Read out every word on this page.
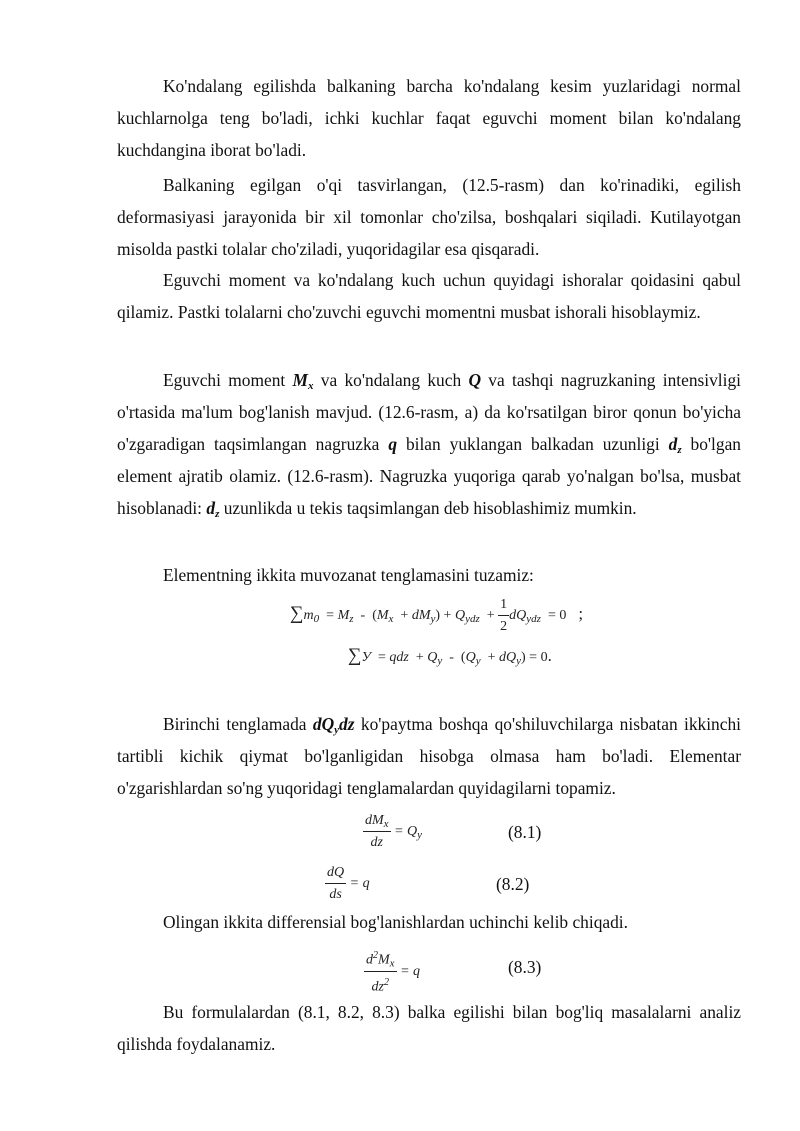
Ko'ndalang egilishda balkaning barcha ko'ndalang kesim yuzlaridagi normal kuchlarnolga teng bo'ladi, ichki kuchlar faqat eguvchi moment bilan ko'ndalang kuchdangina iborat bo'ladi.

Balkaning egilgan o'qi tasvirlangan, (12.5-rasm) dan ko'rinadiki, egilish deformasiyasi jarayonida bir xil tomonlar cho'zilsa, boshqalari siqiladi. Kutilayotgan misolda pastki tolalar cho'ziladi, yuqoridagilar esa qisqaradi.

Eguvchi moment va ko'ndalang kuch uchun quyidagi ishoralar qoidasini qabul qilamiz. Pastki tolalarni cho'zuvchi eguvchi momentni musbat ishorali hisoblaymiz.

Eguvchi moment $M_x$ va ko'ndalang kuch Q va tashqi nagruzkaning intensivligi o'rtasida ma'lum bog'lanish mavjud. (12.6-rasm, a) da ko'rsatilgan biror qonun bo'yicha o'zgaradigan taqsimlangan nagruzka q bilan yuklangan balkadan uzunligi $d_z$ bo'lgan element ajratib olamiz. (12.6-rasm). Nagruzka yuqoriga qarab yo'nalgan bo'lsa, musbat hisoblanadi: $d_z$ uzunlikda u tekis taqsimlangan deb hisoblashimiz mumkin.

Elementning ikkita muvozanat tenglamasini tuzamiz:

$\sum m_0 = M_z - (M_x + dM_y) + Q_{ydz} + \frac{1}{2} dQ_{ydz} = 0$ ;
∑У  = qdz  + $Q_y - (Q_y + dQ_y) = 0$.

Birinchi tenglamada $dQ_ydz$ ko'paytma boshqa qo'shiluvchilarga nisbatan ikkinchi tartibli kichik qiymat bo'lganligidan hisobga olmasa ham bo'ladi. Elementar o'zgarishlardan so'ng yuqoridagi tenglamalardan quyidagilarni topamiz.

$\frac{dM_x}{dz} = Q_y$	(8.1)
$\frac{dQ}{ds} = q$	(8.2)

Olingan ikkita differensial bog'lanishlardan uchinchi kelib chiqadi.

$\frac{d^2M_x}{dz^2} = q$	(8.3)

Bu formulalardan (8.1, 8.2, 8.3) balka egilishi bilan bog'liq masalalarni analiz qilishda foydalanamiz.
